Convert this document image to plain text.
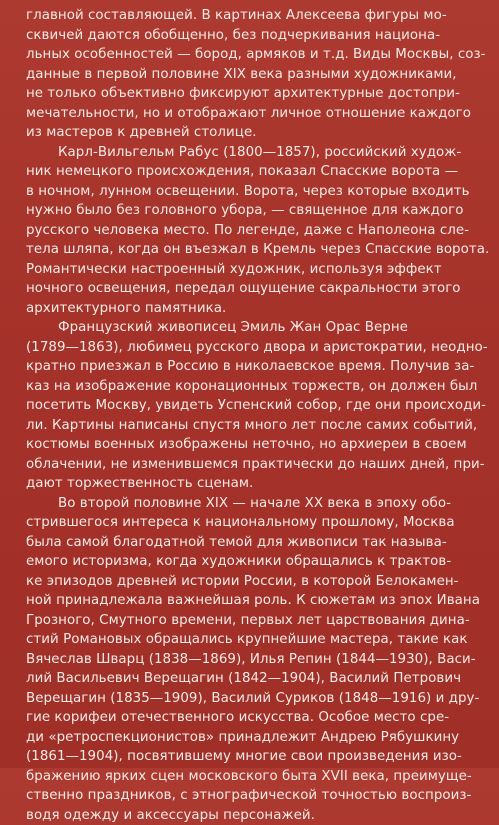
главной составляющей. В картинах Алексеева фигуры мо-
сквичей даются обобщенно, без подчеркивания национа-
льных особенностей — бород, армяков и т.д. Виды Москвы, соз-
данные в первой половине XIX века разными художниками,
не только объективно фиксируют архитектурные достопри-
мечательности, но и отображают личное отношение каждого
из мастеров к древней столице.
Карл-Вильгельм Рабус (1800—1857), российский худож-
ник немецкого происхождения, показал Спасские ворота —
в ночном, лунном освещении. Ворота, через которые входить
нужно было без головного убора, — священное для каждого
русского человека место. По легенде, даже с Наполеона сле-
тела шляпа, когда он въезжал в Кремль через Спасские ворота.
Романтически настроенный художник, используя эффект
ночного освещения, передал ощущение сакральности этого
архитектурного памятника.
Французский живописец Эмиль Жан Орас Верне
(1789—1863), любимец русского двора и аристократии, неодно-
кратно приезжал в Россию в николаевское время. Получив за-
каз на изображение коронационных торжеств, он должен был
посетить Москву, увидеть Успенский собор, где они происходи-
ли. Картины написаны спустя много лет после самих событий,
костюмы военных изображены неточно, но архиереи в своем
облачении, не изменившемся практически до наших дней, при-
дают торжественность сценам.
Во второй половине XIX — начале XX века в эпоху обо-
стрившегося интереса к национальному прошлому, Москва
была самой благодатной темой для живописи так называ-
емого историзма, когда художники обращались к трактов-
ке эпизодов древней истории России, в которой Белокамен-
ной принадлежала важнейшая роль. К сюжетам из эпох Ивана
Грозного, Смутного времени, первых лет царствования дина-
стий Романовых обращались крупнейшие мастера, такие как
Вячеслав Шварц (1838—1869), Илья Репин (1844—1930), Васи-
лий Васильевич Верещагин (1842—1904), Василий Петрович
Верещагин (1835—1909), Василий Суриков (1848—1916) и дру-
гие корифеи отечественного искусства. Особое место сре-
ди «ретроспекционистов» принадлежит Андрею Рябушкину
(1861—1904), посвятившему многие свои произведения изо-
бражению ярких сцен московского быта XVII века, преимуще-
ственно праздников, с этнографической точностью воспроиз-
водя одежду и аксессуары персонажей.
